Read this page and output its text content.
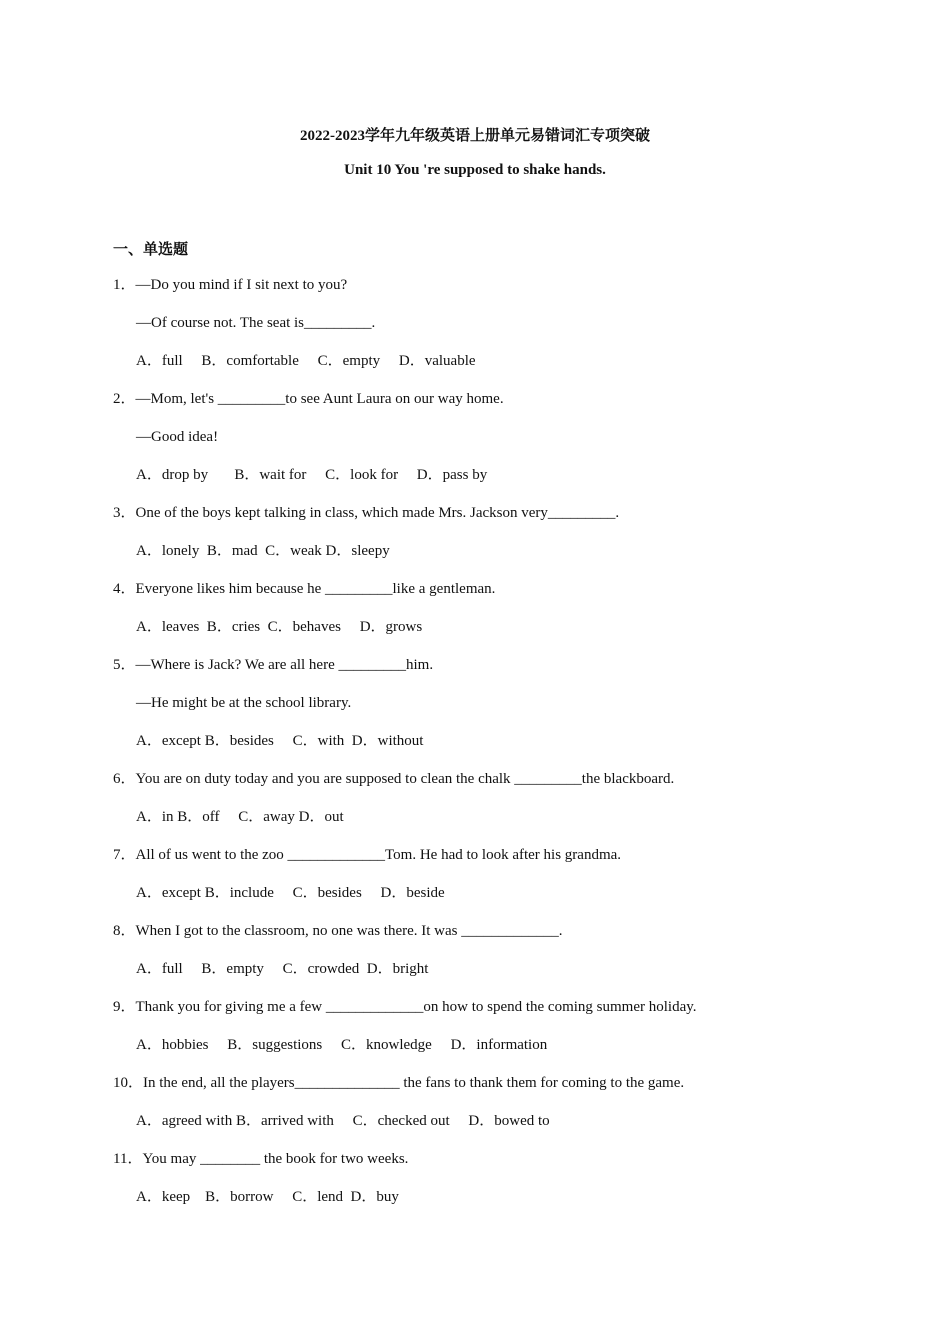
2022-2023学年九年级英语上册单元易错词汇专项突破
Unit 10 You 're supposed to shake hands.
一、单选题
1．—Do you mind if I sit next to you?
—Of course not. The seat is_________.
A．full     B．comfortable     C．empty     D．valuable
2．—Mom, let's _________to see Aunt Laura on our way home.
—Good idea!
A．drop by       B．wait for     C．look for     D．pass by
3．One of the boys kept talking in class, which made Mrs. Jackson very_________.
A．lonely  B．mad  C．weak D．sleepy
4．Everyone likes him because he _________like a gentleman.
A．leaves  B．cries  C．behaves     D．grows
5．—Where is Jack? We are all here _________him.
—He might be at the school library.
A．except B．besides     C．with  D．without
6．You are on duty today and you are supposed to clean the chalk _________the blackboard.
A．in B．off     C．away D．out
7．All of us went to the zoo _____________Tom. He had to look after his grandma.
A．except B．include     C．besides     D．beside
8．When I got to the classroom, no one was there. It was _____________.
A．full     B．empty     C．crowded  D．bright
9．Thank you for giving me a few _____________on how to spend the coming summer holiday.
A．hobbies     B．suggestions     C．knowledge     D．information
10．In the end, all the players______________ the fans to thank them for coming to the game.
A．agreed with B．arrived with     C．checked out     D．bowed to
11．You may ________ the book for two weeks.
A．keep    B．borrow     C．lend  D．buy
